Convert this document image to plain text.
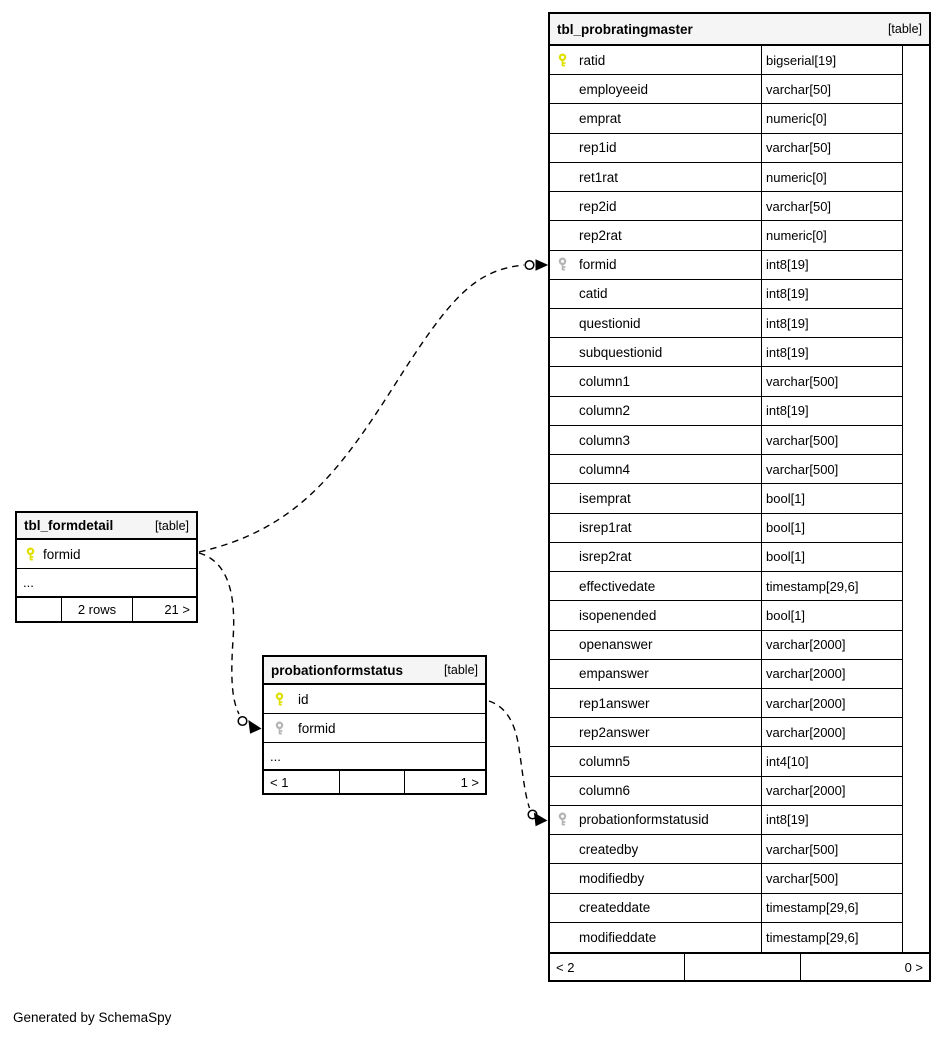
tbl_probratingmaster	[table]
ratid	bigserial[19]
employeeid	varchar[50]
emprat	numeric[0]
rep1id	varchar[50]
ret1rat	numeric[0]
rep2id	varchar[50]
rep2rat	numeric[0]
formid	int8[19]
catid	int8[19]
questionid	int8[19]
subquestionid	int8[19]
column1	varchar[500]
column2	int8[19]
column3	varchar[500]
column4	varchar[500]
isemprat	bool[1]
isrep1rat	bool[1]
isrep2rat	bool[1]
effectivedate	timestamp[29,6]
isopenended	bool[1]
openanswer	varchar[2000]
empanswer	varchar[2000]
rep1answer	varchar[2000]
rep2answer	varchar[2000]
column5	int4[10]
column6	varchar[2000]
probationformstatusid	int8[19]
createdby	varchar[500]
modifiedby	varchar[500]
createddate	timestamp[29,6]
modifieddate	timestamp[29,6]
< 2	0 >
tbl_formdetail	[table]
formid
...
2 rows	21 >
probationformstatus	[table]
id
formid
...
< 1	1 >
Generated by SchemaSpy
